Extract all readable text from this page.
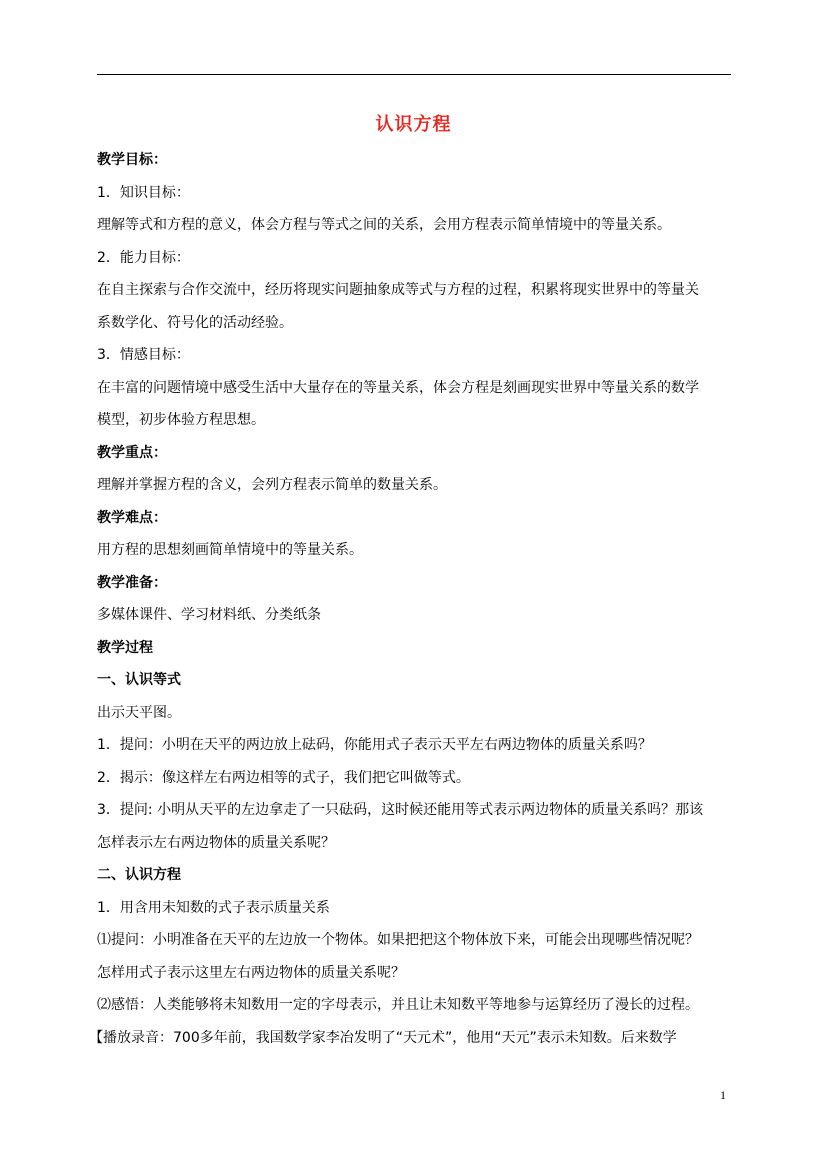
认识方程
教学目标：
1．知识目标：
理解等式和方程的意义，体会方程与等式之间的关系，会用方程表示简单情境中的等量关系。
2．能力目标：
在自主探索与合作交流中，经历将现实问题抽象成等式与方程的过程，积累将现实世界中的等量关
系数学化、符号化的活动经验。
3．情感目标：
在丰富的问题情境中感受生活中大量存在的等量关系，体会方程是刻画现实世界中等量关系的数学
模型，初步体验方程思想。
教学重点：
理解并掌握方程的含义，会列方程表示简单的数量关系。
教学难点：
用方程的思想刻画简单情境中的等量关系。
教学准备：
多媒体课件、学习材料纸、分类纸条
教学过程
一、认识等式
出示天平图。
1．提问：小明在天平的两边放上砝码，你能用式子表示天平左右两边物体的质量关系吗？
2．揭示：像这样左右两边相等的式子，我们把它叫做等式。
3．提问: 小明从天平的左边拿走了一只砝码，这时候还能用等式表示两边物体的质量关系吗？那该
怎样表示左右两边物体的质量关系呢？
二、认识方程
1．用含用未知数的式子表示质量关系
⑴提问：小明准备在天平的左边放一个物体。如果把把这个物体放下来，可能会出现哪些情况呢？
怎样用式子表示这里左右两边物体的质量关系呢？
⑵感悟：人类能够将未知数用一定的字母表示，并且让未知数平等地参与运算经历了漫长的过程。
【播放录音：700多年前，我国数学家李冶发明了“天元术”，他用“天元”表示未知数。后来数学
1
